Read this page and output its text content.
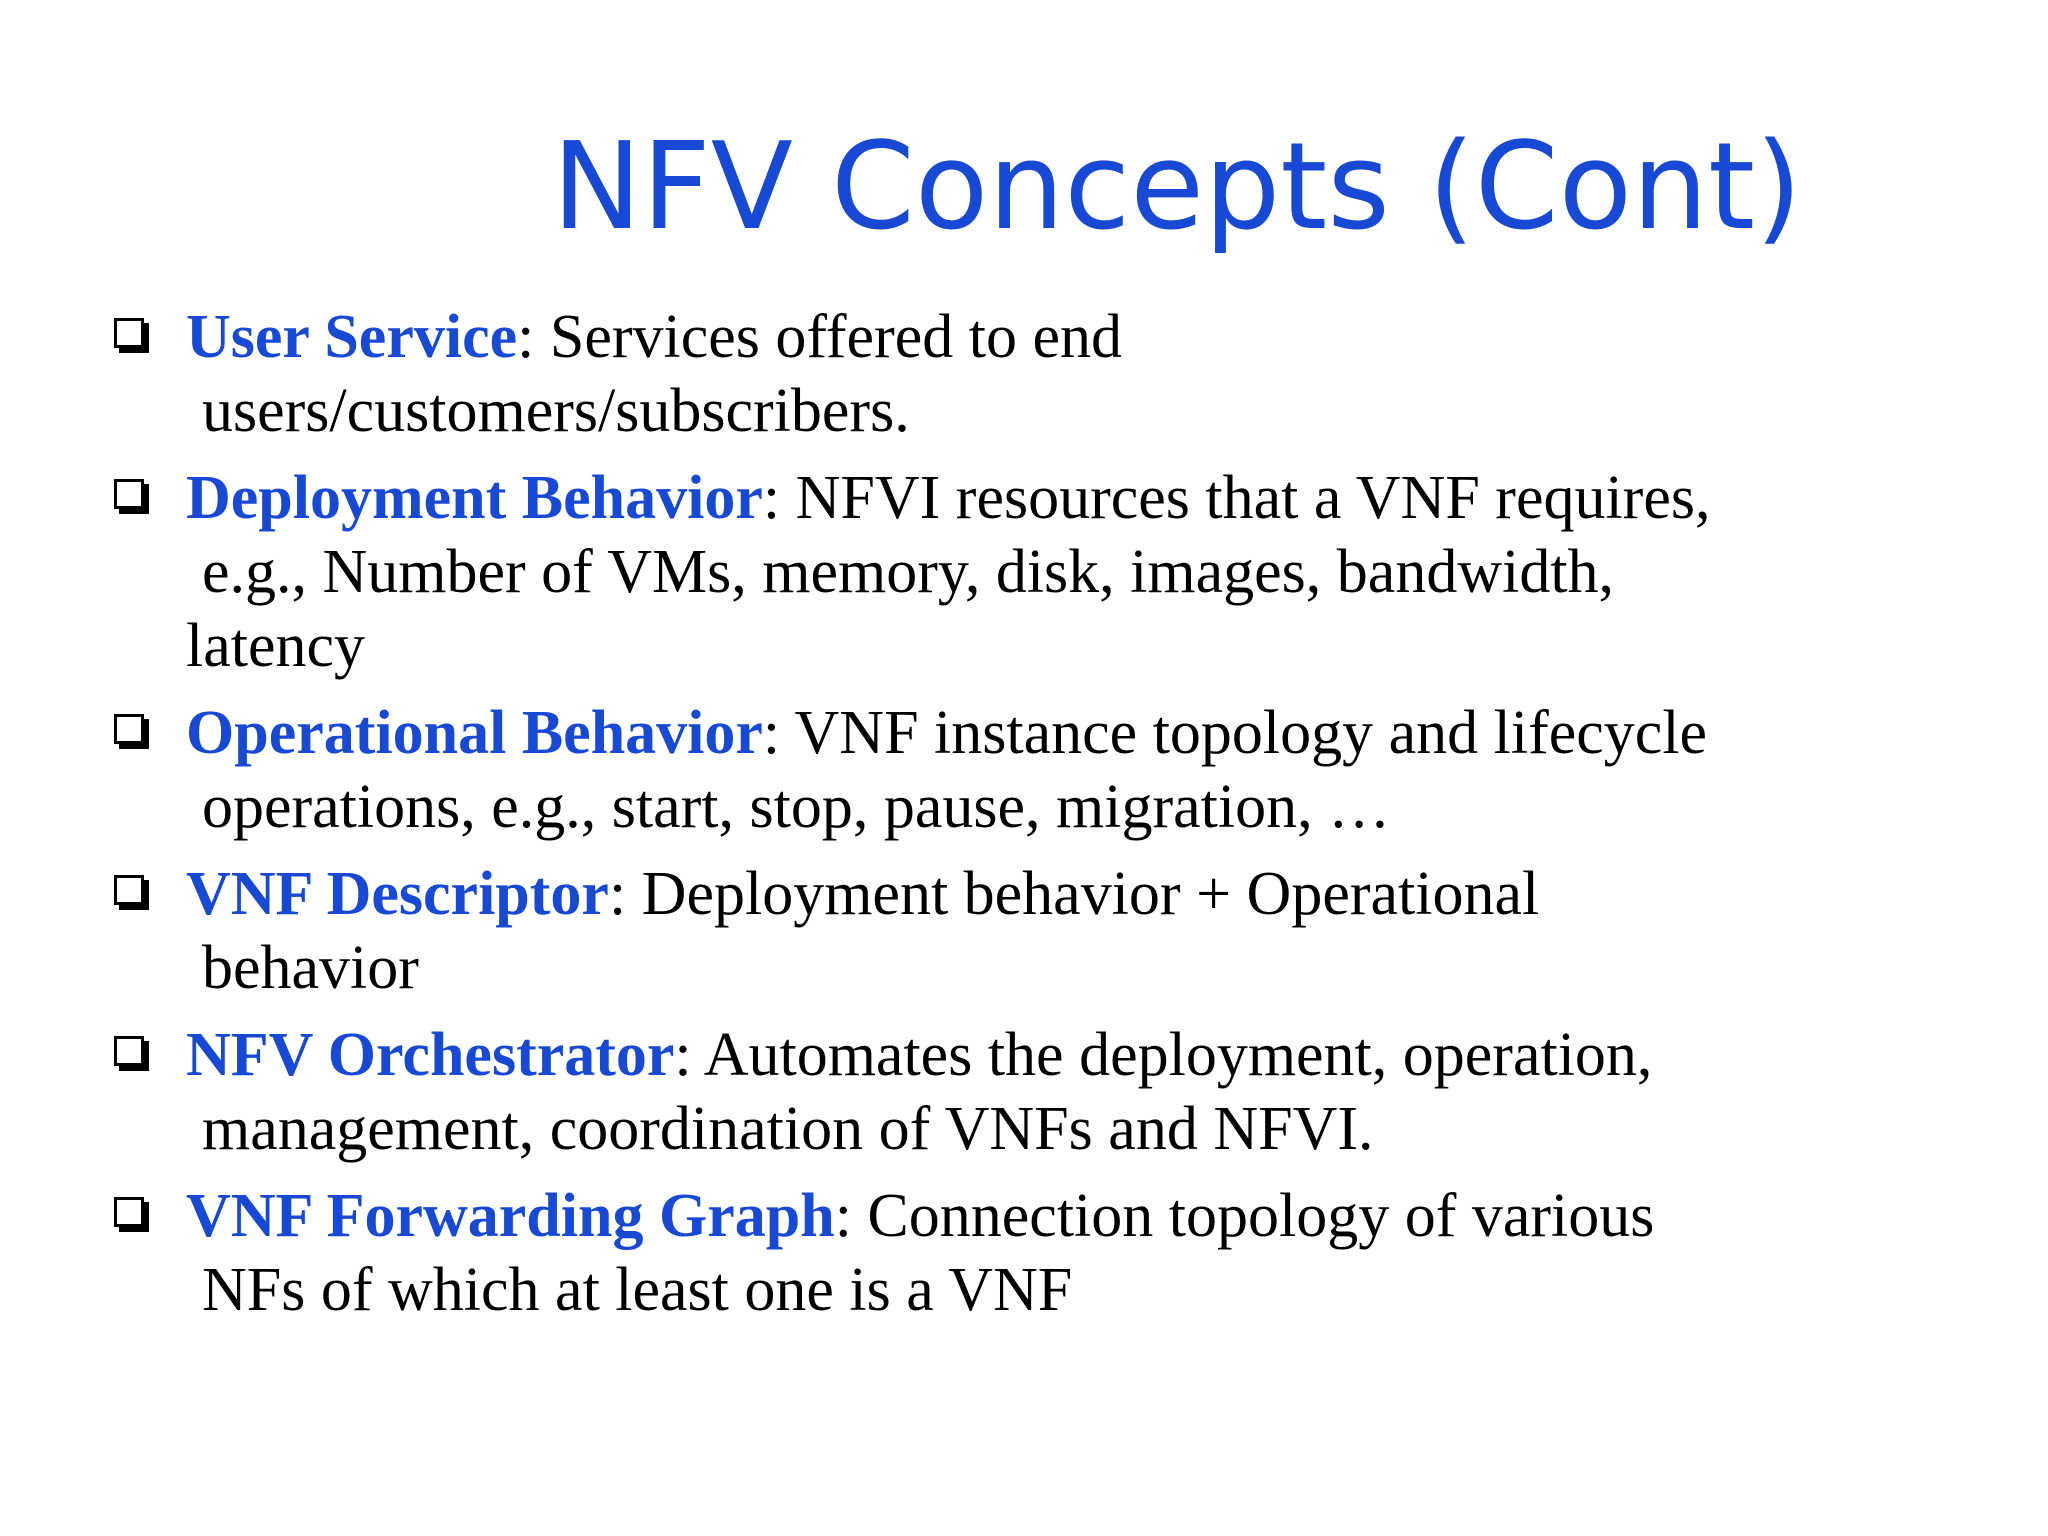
NFV Concepts (Cont)
User Service: Services offered to end
users/customers/subscribers.
Deployment Behavior: NFVI resources that a VNF requires,
e.g., Number of VMs, memory, disk, images, bandwidth,
latency
Operational Behavior: VNF instance topology and lifecycle
operations, e.g., start, stop, pause, migration, …
VNF Descriptor: Deployment behavior + Operational
behavior
NFV Orchestrator: Automates the deployment, operation,
management, coordination of VNFs and NFVI.
VNF Forwarding Graph: Connection topology of various
NFs of which at least one is a VNF
